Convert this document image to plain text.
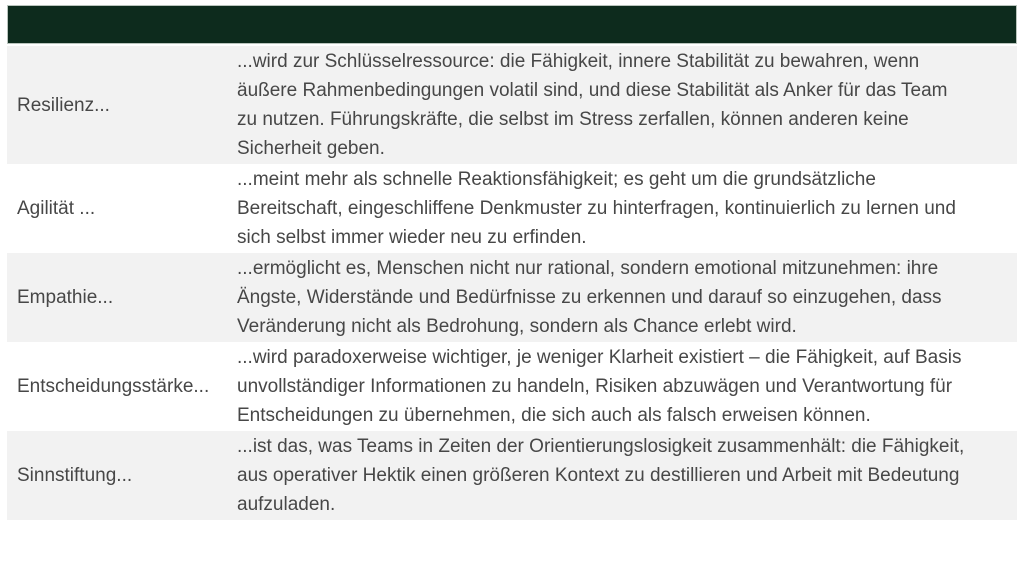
Resilienz...	...wird zur Schlüsselressource: die Fähigkeit, innere Stabilität zu bewahren, wenn äußere Rahmenbedingungen volatil sind, und diese Stabilität als Anker für das Team zu nutzen. Führungskräfte, die selbst im Stress zerfallen, können anderen keine Sicherheit geben.
Agilität ...	...meint mehr als schnelle Reaktionsfähigkeit; es geht um die grundsätzliche Bereitschaft, eingeschliffene Denkmuster zu hinterfragen, kontinuierlich zu lernen und sich selbst immer wieder neu zu erfinden.
Empathie...	...ermöglicht es, Menschen nicht nur rational, sondern emotional mitzunehmen: ihre Ängste, Widerstände und Bedürfnisse zu erkennen und darauf so einzugehen, dass Veränderung nicht als Bedrohung, sondern als Chance erlebt wird.
Entscheidungsstärke...	...wird paradoxerweise wichtiger, je weniger Klarheit existiert – die Fähigkeit, auf Basis unvollständiger Informationen zu handeln, Risiken abzuwägen und Verantwortung für Entscheidungen zu übernehmen, die sich auch als falsch erweisen können.
Sinnstiftung...	...ist das, was Teams in Zeiten der Orientierungslosigkeit zusammenhält: die Fähigkeit, aus operativer Hektik einen größeren Kontext zu destillieren und Arbeit mit Bedeutung aufzuladen.
